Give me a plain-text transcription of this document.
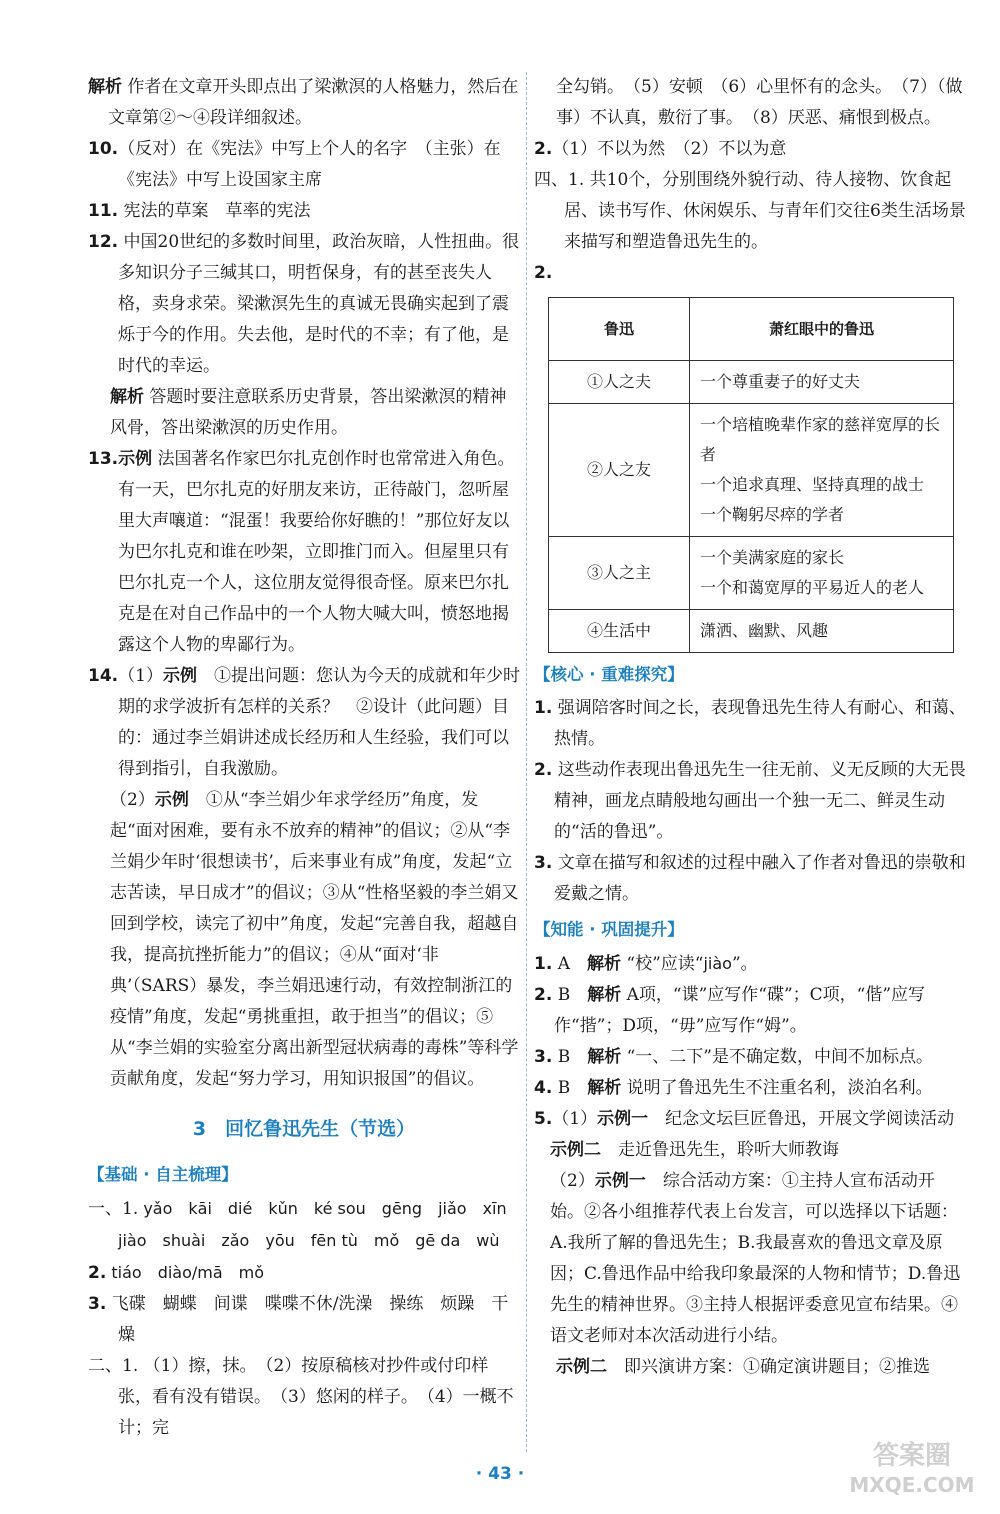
解析 作者在文章开头即点出了梁漱溟的人格魅力，然后在文章第②～④段详细叙述。

10.（反对）在《宪法》中写上个人的名字　（主张）在《宪法》中写上设国家主席

11. 宪法的草案　草率的宪法

12. 中国20世纪的多数时间里，政治灰暗，人性扭曲。很多知识分子三缄其口，明哲保身，有的甚至丧失人格，卖身求荣。梁漱溟先生的真诚无畏确实起到了震烁于今的作用。失去他，是时代的不幸；有了他，是时代的幸运。

解析 答题时要注意联系历史背景，答出梁漱溟的精神风骨，答出梁漱溟的历史作用。

13.示例 法国著名作家巴尔扎克创作时也常常进入角色。有一天，巴尔扎克的好朋友来访，正待敲门，忽听屋里大声嚷道：“混蛋！我要给你好瞧的！”那位好友以为巴尔扎克和谁在吵架，立即推门而入。但屋里只有巴尔扎克一个人，这位朋友觉得很奇怪。原来巴尔扎克是在对自己作品中的一个人物大喊大叫，愤怒地揭露这个人物的卑鄙行为。

14.（1）示例　①提出问题：您认为今天的成就和年少时期的求学波折有怎样的关系？　②设计（此问题）目的：通过李兰娟讲述成长经历和人生经验，我们可以得到指引，自我激励。

（2）示例　①从“李兰娟少年求学经历”角度，发起“面对困难，要有永不放弃的精神”的倡议；②从“李兰娟少年时‘很想读书’，后来事业有成”角度，发起“立志苦读，早日成才”的倡议；③从“性格坚毅的李兰娟又回到学校，读完了初中”角度，发起“完善自我，超越自我，提高抗挫折能力”的倡议；④从“面对‘非典’（SARS）暴发，李兰娟迅速行动，有效控制浙江的疫情”角度，发起“勇挑重担，敢于担当”的倡议；⑤从“李兰娟的实验室分离出新型冠状病毒的毒株”等科学贡献角度，发起“努力学习，用知识报国”的倡议。

3　回忆鲁迅先生（节选）
【基础 · 自主梳理】

一、1. yǎo　kāi　dié　kǔn　ké sou　gēng　jiǎo　xīn　jiào　shuài　zǎo　yōu　fēn tù　mǒ　gē da　wù

2. tiáo　diào/mā　mǒ

3. 飞碟　蝴蝶　间谍　喋喋不休/洗澡　操练　烦躁　干燥

二、1. （1）擦，抹。　（2）按原稿核对抄件或付印样张，看有没有错误。　（3）悠闲的样子。　（4）一概不计；完

全勾销。　（5）安顿　（6）心里怀有的念头。　（7）（做事）不认真，敷衍了事。　（8）厌恶、痛恨到极点。

2.（1）不以为然　（2）不以为意

四、1. 共10个，分别围绕外貌行动、待人接物、饮食起居、读书写作、休闲娱乐、与青年们交往6类生活场景来描写和塑造鲁迅先生的。

2.

鲁迅	萧红眼中的鲁迅
①人之夫	一个尊重妻子的好丈夫

②人之友	一个培植晚辈作家的慈祥宽厚的长者
一个追求真理、坚持真理的战士
一个鞠躬尽瘁的学者

③人之主	一个美满家庭的家长
一个和蔼宽厚的平易近人的老人

④生活中	潇洒、幽默、风趣
【核心 · 重难探究】

1. 强调陪客时间之长，表现鲁迅先生待人有耐心、和蔼、热情。

2. 这些动作表现出鲁迅先生一往无前、义无反顾的大无畏精神，画龙点睛般地勾画出一个独一无二、鲜灵生动的“活的鲁迅”。

3. 文章在描写和叙述的过程中融入了作者对鲁迅的崇敬和爱戴之情。

【知能 · 巩固提升】

1. A　解析 “校”应读“jiào”。

2. B　解析 A项，“谍”应写作“碟”；C项，“偕”应写作“揩”；D项，“毋”应写作“姆”。

3. B　解析 “一、二下”是不确定数，中间不加标点。

4. B　解析 说明了鲁迅先生不注重名利，淡泊名利。

5.（1）示例一　纪念文坛巨匠鲁迅，开展文学阅读活动

示例二　走近鲁迅先生，聆听大师教诲

（2）示例一　综合活动方案：①主持人宣布活动开始。②各小组推荐代表上台发言，可以选择以下话题：A.我所了解的鲁迅先生；B.我最喜欢的鲁迅文章及原因；C.鲁迅作品中给我印象最深的人物和情节；D.鲁迅先生的精神世界。③主持人根据评委意见宣布结果。④语文老师对本次活动进行小结。

示例二　即兴演讲方案：①确定演讲题目；②推选

· 43 ·
答案圈
MXQE.COM
